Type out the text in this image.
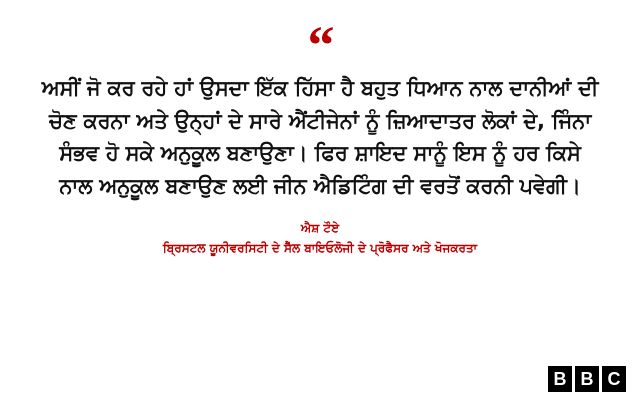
“
ਅਸੀਂ ਜੋ ਕਰ ਰਹੇ ਹਾਂ ਉਸਦਾ ਇੱਕ ਹਿੱਸਾ ਹੈ ਬਹੁਤ ਧਿਆਨ ਨਾਲ ਦਾਨੀਆਂ ਦੀ ਚੋਣ ਕਰਨਾ ਅਤੇ ਉਨ੍ਹਾਂ ਦੇ ਸਾਰੇ ਐਂਟੀਜੇਨਾਂ ਨੂੰ ਜ਼ਿਆਦਾਤਰ ਲੋਕਾਂ ਦੇ, ਜਿੰਨਾ ਸੰਭਵ ਹੋ ਸਕੇ ਅਨੁਕੂਲ ਬਣਾਉਣਾ। ਫਿਰ ਸ਼ਾਇਦ ਸਾਨੂੰ ਇਸ ਨੂੰ ਹਰ ਕਿਸੇ ਨਾਲ ਅਨੁਕੂਲ ਬਣਾਉਣ ਲਈ ਜੀਨ ਐਡਿਟਿੰਗ ਦੀ ਵਰਤੋਂ ਕਰਨੀ ਪਵੇਗੀ।
ਐਸ਼ ਟੌਏ
ਬ੍ਰਿਸਟਲ ਯੂਨੀਵਰਸਿਟੀ ਦੇ ਸੈੱਲ ਬਾਇਓਲੋਜੀ ਦੇ ਪ੍ਰੋਫੈਸਰ ਅਤੇ ਖੋਜਕਰਤਾ
B B C
